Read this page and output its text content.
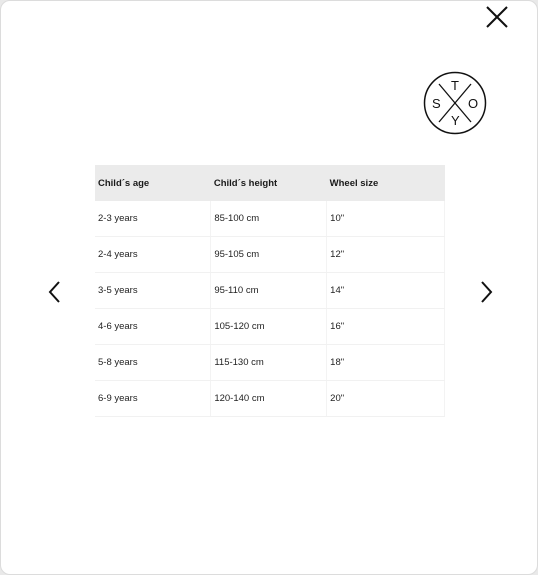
T
S O
Y
Child´s age	Child´s height	Wheel size
2-3 years	85-100 cm	10"
2-4 years	95-105 cm	12"
3-5 years	95-110 cm	14"
4-6 years	105-120 cm	16"
5-8 years	115-130 cm	18"
6-9 years	120-140 cm	20"
